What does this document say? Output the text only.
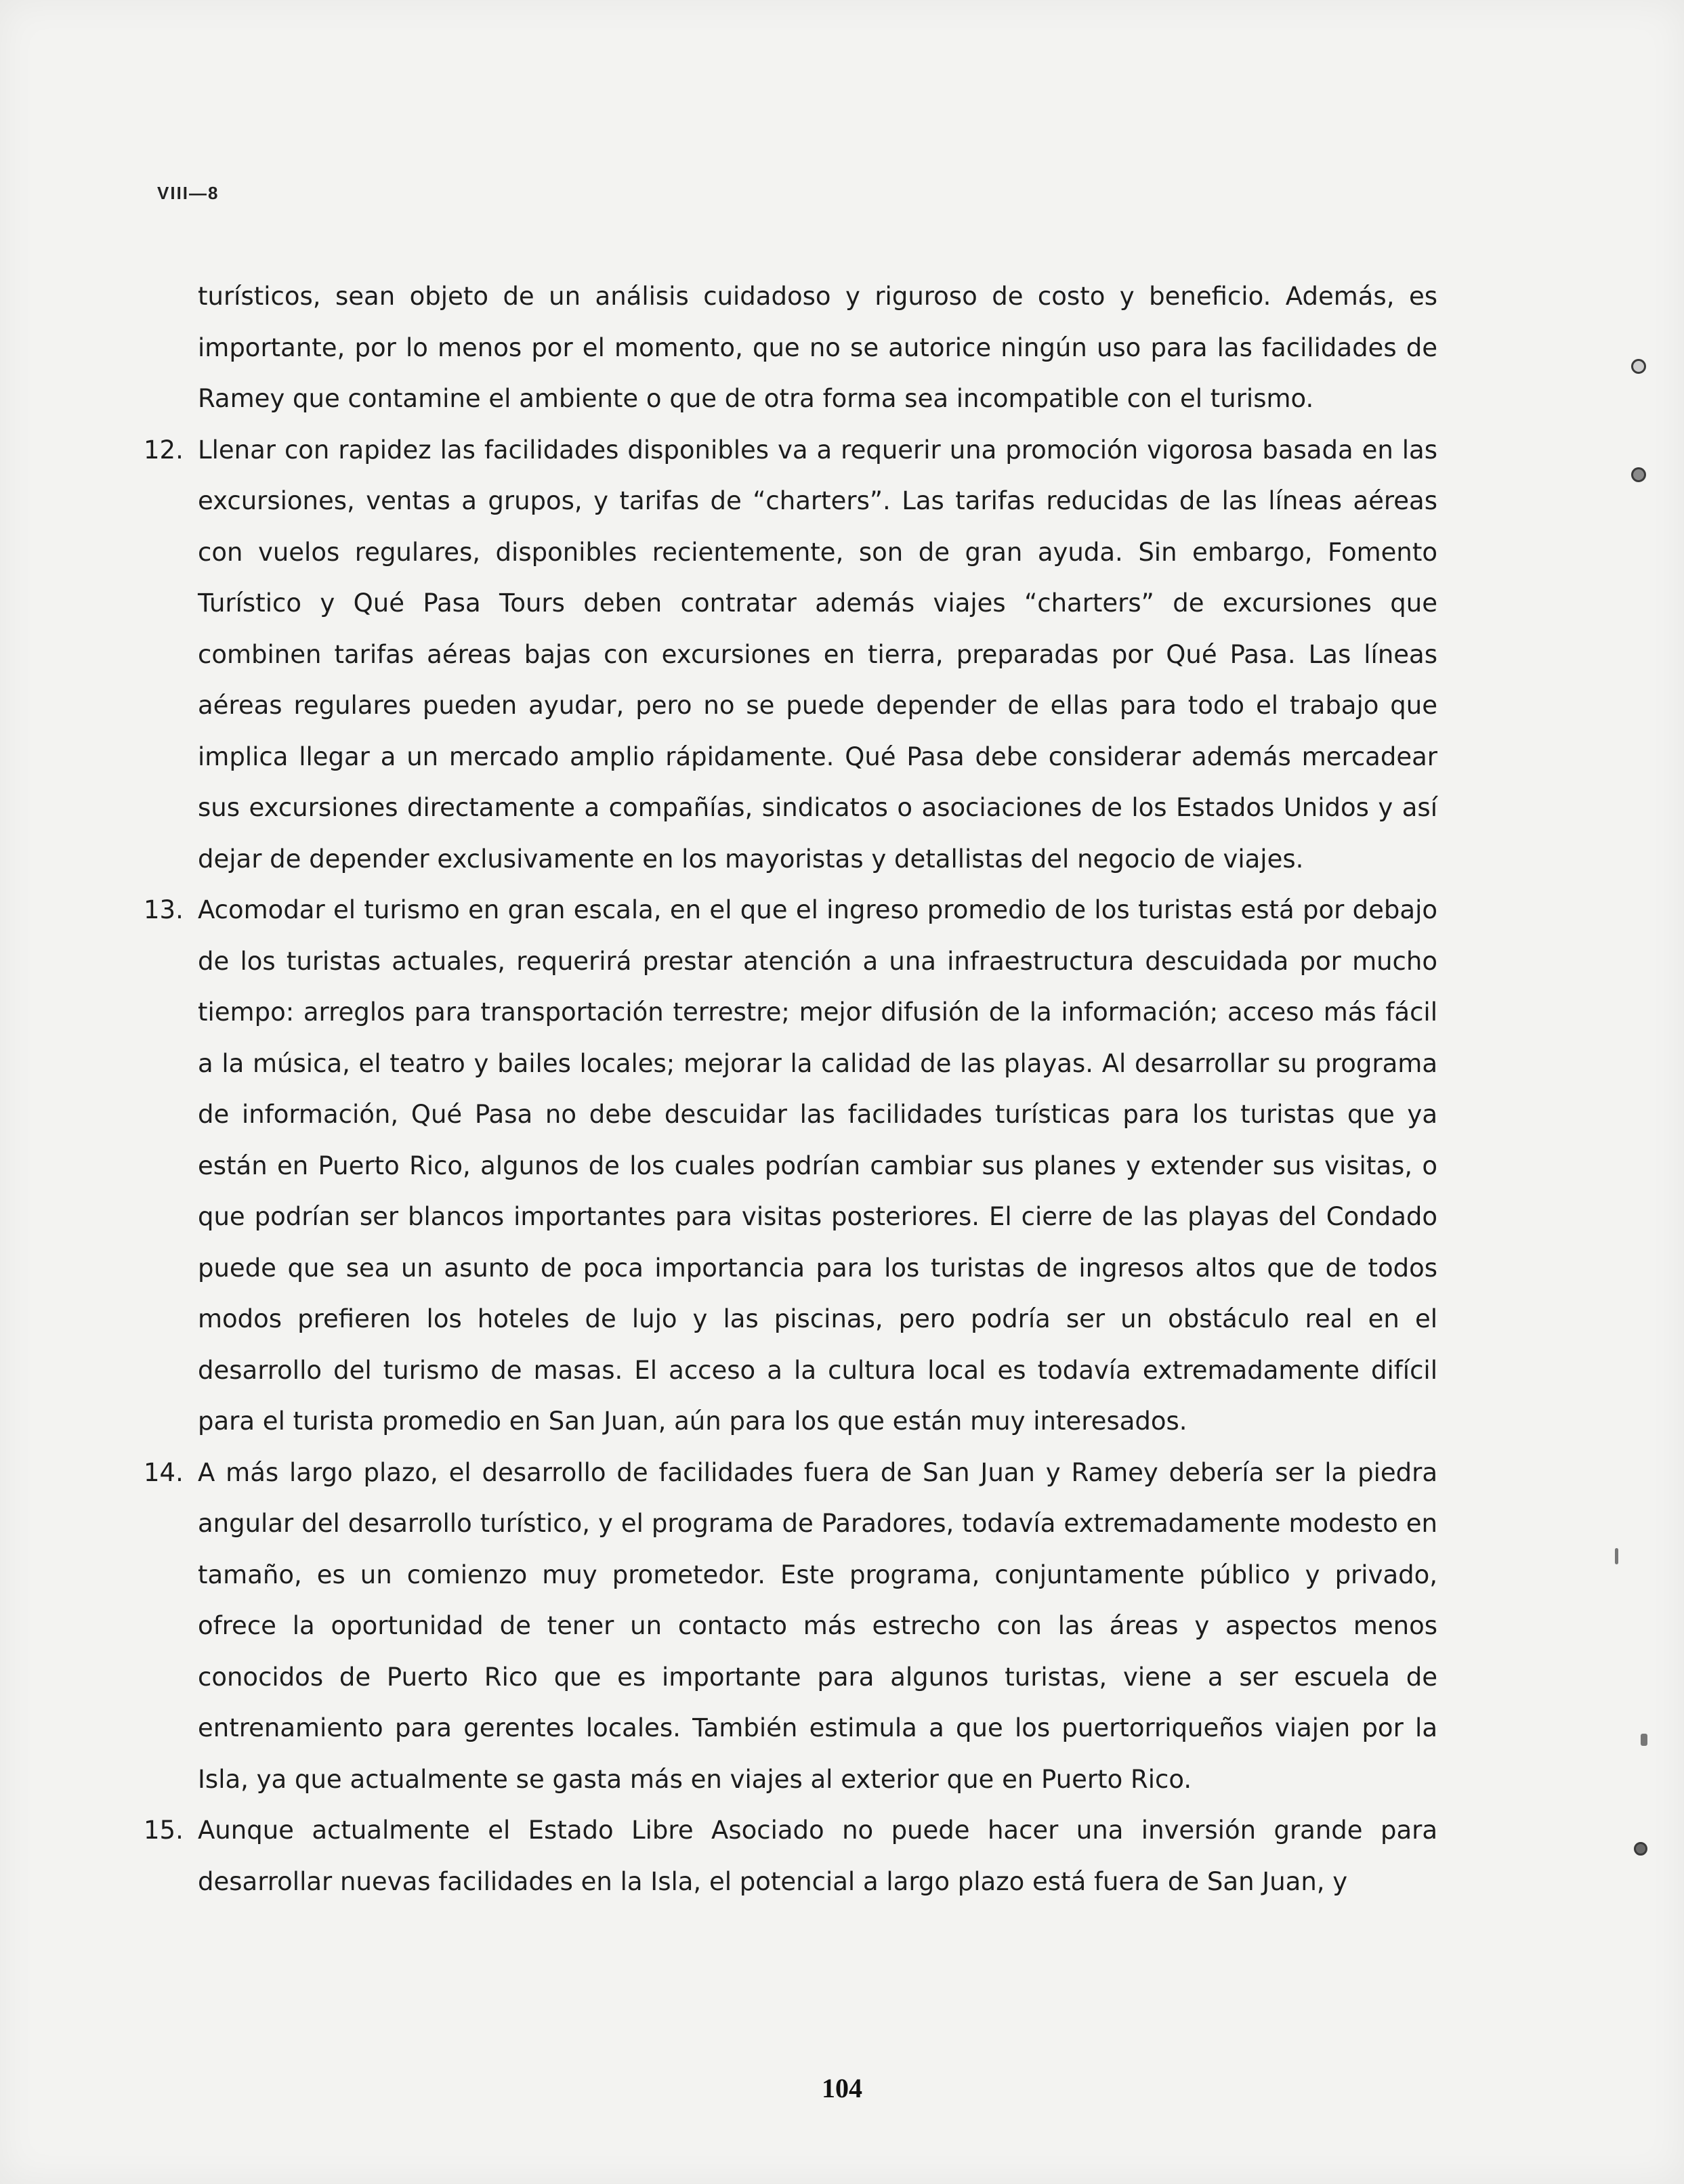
VIII—8

turísticos, sean objeto de un análisis cuidadoso y riguroso de costo y beneficio. Además, es importante, por lo menos por el momento, que no se autorice ningún uso para las facilidades de Ramey que contamine el ambiente o que de otra forma sea incompatible con el turismo.

12. Llenar con rapidez las facilidades disponibles va a requerir una promoción vigorosa basada en las excursiones, ventas a grupos, y tarifas de “charters”. Las tarifas reducidas de las líneas aéreas con vuelos regulares, disponibles recientemente, son de gran ayuda. Sin embargo, Fomento Turístico y Qué Pasa Tours deben contratar además viajes “charters” de excursiones que combinen tarifas aéreas bajas con excursiones en tierra, preparadas por Qué Pasa. Las líneas aéreas regulares pueden ayudar, pero no se puede depender de ellas para todo el trabajo que implica llegar a un mercado amplio rápidamente. Qué Pasa debe considerar además mercadear sus excursiones directamente a compañías, sindicatos o asociaciones de los Estados Unidos y así dejar de depender exclusivamente en los mayoristas y detallistas del negocio de viajes.
13. Acomodar el turismo en gran escala, en el que el ingreso promedio de los turistas está por debajo de los turistas actuales, requerirá prestar atención a una infraestructura descuidada por mucho tiempo: arreglos para transportación terrestre; mejor difusión de la información; acceso más fácil a la música, el teatro y bailes locales; mejorar la calidad de las playas. Al desarrollar su programa de información, Qué Pasa no debe descuidar las facilidades turísticas para los turistas que ya están en Puerto Rico, algunos de los cuales podrían cambiar sus planes y extender sus visitas, o que podrían ser blancos importantes para visitas posteriores. El cierre de las playas del Condado puede que sea un asunto de poca importancia para los turistas de ingresos altos que de todos modos prefieren los hoteles de lujo y las piscinas, pero podría ser un obstáculo real en el desarrollo del turismo de masas. El acceso a la cultura local es todavía extremadamente difícil para el turista promedio en San Juan, aún para los que están muy interesados.
14. A más largo plazo, el desarrollo de facilidades fuera de San Juan y Ramey debería ser la piedra angular del desarrollo turístico, y el programa de Paradores, todavía extremadamente modesto en tamaño, es un comienzo muy prometedor. Este programa, conjuntamente público y privado, ofrece la oportunidad de tener un contacto más estrecho con las áreas y aspectos menos conocidos de Puerto Rico que es importante para algunos turistas, viene a ser escuela de entrenamiento para gerentes locales. También estimula a que los puertorriqueños viajen por la Isla, ya que actualmente se gasta más en viajes al exterior que en Puerto Rico.
15. Aunque actualmente el Estado Libre Asociado no puede hacer una inversión grande para desarrollar nuevas facilidades en la Isla, el potencial a largo plazo está fuera de San Juan, y
104
